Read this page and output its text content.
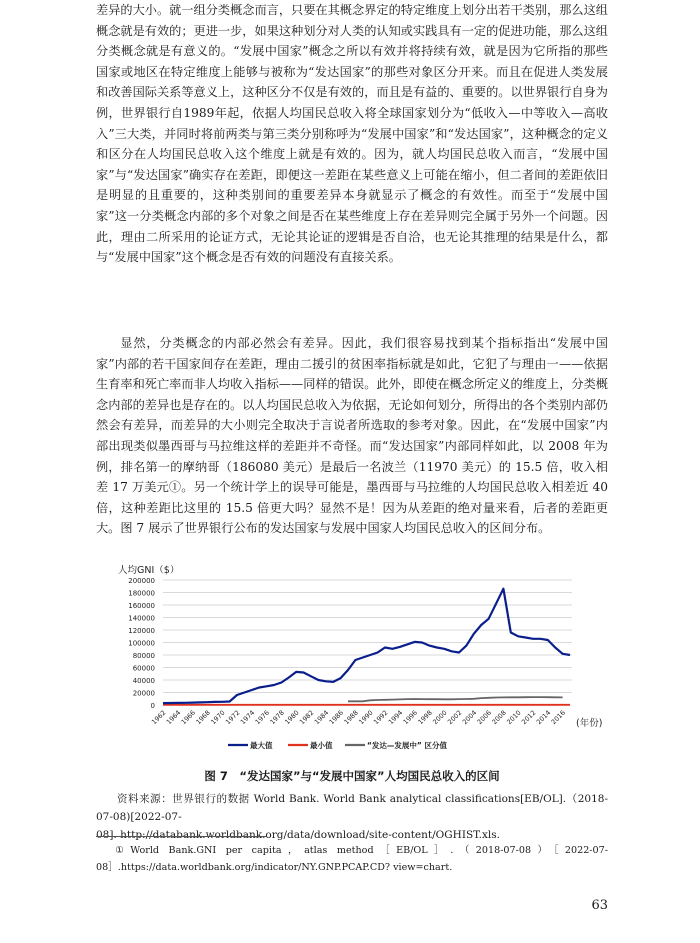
差异的大小。就一组分类概念而言，只要在其概念界定的特定维度上划分出若干类别，那么这组概念就是有效的；更进一步，如果这种划分对人类的认知或实践具有一定的促进功能，那么这组分类概念就是有意义的。“发展中国家”概念之所以有效并将持续有效，就是因为它所指的那些国家或地区在特定维度上能够与被称为“发达国家”的那些对象区分开来。而且在促进人类发展和改善国际关系等意义上，这种区分不仅是有效的，而且是有益的、重要的。以世界银行自身为例，世界银行自1989年起，依据人均国民总收入将全球国家划分为“低收入—中等收入—高收入”三大类，并同时将前两类与第三类分别称呼为“发展中国家”和“发达国家”，这种概念的定义和区分在人均国民总收入这个维度上就是有效的。因为，就人均国民总收入而言，“发展中国家”与“发达国家”确实存在差距，即便这一差距在某些意义上可能在缩小，但二者间的差距依旧是明显的且重要的，这种类别间的重要差异本身就显示了概念的有效性。而至于“发展中国家”这一分类概念内部的多个对象之间是否在某些维度上存在差异则完全属于另外一个问题。因此，理由二所采用的论证方式，无论其论证的逻辑是否自洽，也无论其推理的结果是什么，都与“发展中国家”这个概念是否有效的问题没有直接关系。

显然，分类概念的内部必然会有差异。因此，我们很容易找到某个指标指出“发展中国家”内部的若干国家间存在差距，理由二援引的贫困率指标就是如此，它犯了与理由一——依据生育率和死亡率而非人均收入指标——同样的错误。此外，即使在概念所定义的维度上，分类概念内部的差异也是存在的。以人均国民总收入为依据，无论如何划分，所得出的各个类别内部仍然会有差异，而差异的大小则完全取决于言说者所选取的参考对象。因此，在“发展中国家”内部出现类似墨西哥与马拉维这样的差距并不奇怪。而“发达国家”内部同样如此，以 2008 年为例，排名第一的摩纳哥（186080 美元）是最后一名波兰（11970 美元）的 15.5 倍，收入相差 17 万美元①。另一个统计学上的误导可能是，墨西哥与马拉维的人均国民总收入相差近 40 倍，这种差距比这里的 15.5 倍更大吗？显然不是！因为从差距的绝对量来看，后者的差距更大。图 7 展示了世界银行公布的发达国家与发展中国家人均国民总收入的区间分布。

人均GNI（$）
0
20000
40000
60000
80000
100000
120000
140000
160000
180000
200000
1962
1964
1966
1968
1970
1972
1974
1976
1978
1980
1982
1984
1986
1988
1990
1992
1994
1996
1998
2000
2002
2004
2006
2008
2010
2012
2014
2016 (年份)
最大值	最小值	“发达—发展中” 区分值
图 7　“发达国家”与“发展中国家”人均国民总收入的区间
资料来源：世界银行的数据 World Bank. World Bank analytical classifications[EB/OL].（2018-07-08)[2022-07-
08]. http://databank.worldbank.org/data/download/site-content/OGHIST.xls.
①World Bank.GNI per capita，atlas method［EB/OL］.（2018-07-08）［2022-07-08］.https://data.worldbank.org/indicator/NY.GNP.PCAP.CD? view=chart.
63
